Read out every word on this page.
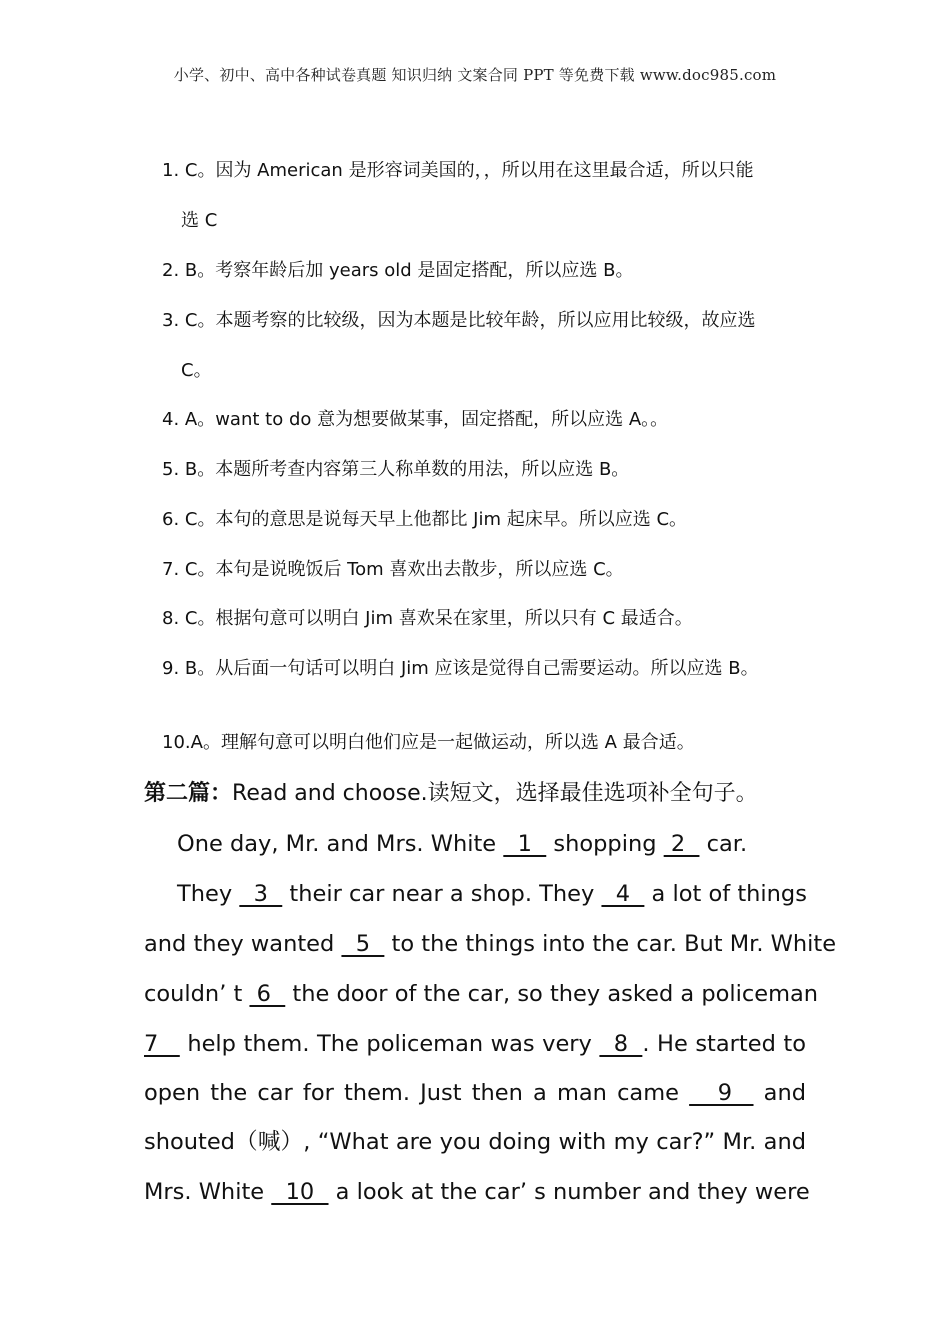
小学、初中、高中各种试卷真题 知识归纳 文案合同 PPT 等免费下载 www.doc985.com
1. C。因为 American 是形容词美国的，，所以用在这里最合适，所以只能
选 C
2. B。考察年龄后加 years old 是固定搭配，所以应选 B。
3. C。本题考察的比较级，因为本题是比较年龄，所以应用比较级，故应选
C。
4. A。want to do 意为想要做某事，固定搭配，所以应选 A。。
5. B。本题所考查内容第三人称单数的用法，所以应选 B。
6. C。本句的意思是说每天早上他都比 Jim 起床早。所以应选 C。
7. C。本句是说晚饭后 Tom 喜欢出去散步，所以应选 C。
8. C。根据句意可以明白 Jim 喜欢呆在家里，所以只有 C 最适合。
9. B。从后面一句话可以明白 Jim 应该是觉得自己需要运动。所以应选 B。
10.A。理解句意可以明白他们应是一起做运动，所以选 A 最合适。
第二篇：Read and choose.读短文，选择最佳选项补全句子。
One day, Mr. and Mrs. White   1   shopping  2   car.
They   3   their car near a shop. They   4   a lot of things
and they wanted   5   to the things into the car. But Mr. White
couldn’ t  6   the door of the car, so they asked a policeman
7    help them. The policeman was very   8  . He started to
open the car for them. Just then a man came     9    and
shouted（喊）, “What are you doing with my car?” Mr. and
Mrs. White   10   a look at the car’ s number and they were
